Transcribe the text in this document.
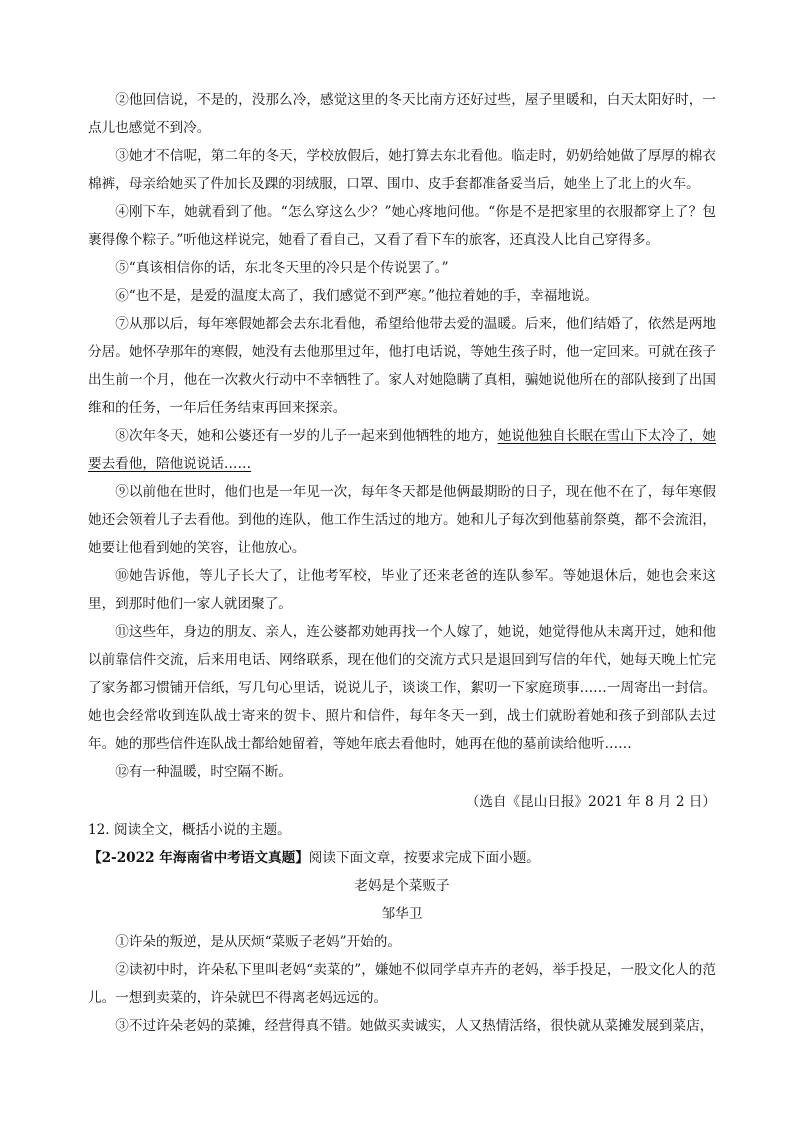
②他回信说，不是的，没那么冷，感觉这里的冬天比南方还好过些，屋子里暖和，白天太阳好时，一点儿也感觉不到冷。

③她才不信呢，第二年的冬天，学校放假后，她打算去东北看他。临走时，奶奶给她做了厚厚的棉衣棉裤，母亲给她买了件加长及踝的羽绒服，口罩、围巾、皮手套都准备妥当后，她坐上了北上的火车。

④刚下车，她就看到了他。“怎么穿这么少？”她心疼地问他。“你是不是把家里的衣服都穿上了？包裹得像个粽子。”听他这样说完，她看了看自己，又看了看下车的旅客，还真没人比自己穿得多。

⑤“真该相信你的话，东北冬天里的冷只是个传说罢了。”

⑥“也不是，是爱的温度太高了，我们感觉不到严寒。”他拉着她的手，幸福地说。

⑦从那以后，每年寒假她都会去东北看他，希望给他带去爱的温暖。后来，他们结婚了，依然是两地分居。她怀孕那年的寒假，她没有去他那里过年，他打电话说，等她生孩子时，他一定回来。可就在孩子出生前一个月，他在一次救火行动中不幸牺牲了。家人对她隐瞒了真相，骗她说他所在的部队接到了出国维和的任务，一年后任务结束再回来探亲。

⑧次年冬天，她和公婆还有一岁的儿子一起来到他牺牲的地方，她说他独自长眠在雪山下太冷了，她要去看他，陪他说说话……

⑨以前他在世时，他们也是一年见一次，每年冬天都是他俩最期盼的日子，现在他不在了，每年寒假她还会领着儿子去看他。到他的连队，他工作生活过的地方。她和儿子每次到他墓前祭奠，都不会流泪，她要让他看到她的笑容，让他放心。

⑩她告诉他，等儿子长大了，让他考军校，毕业了还来老爸的连队参军。等她退休后，她也会来这里，到那时他们一家人就团聚了。

⑪这些年，身边的朋友、亲人，连公婆都劝她再找一个人嫁了，她说，她觉得他从未离开过，她和他以前靠信件交流，后来用电话、网络联系，现在他们的交流方式只是退回到写信的年代，她每天晚上忙完了家务都习惯铺开信纸，写几句心里话，说说儿子，谈谈工作，絮叨一下家庭琐事……一周寄出一封信。她也会经常收到连队战士寄来的贺卡、照片和信件，每年冬天一到，战士们就盼着她和孩子到部队去过年。她的那些信件连队战士都给她留着，等她年底去看他时，她再在他的墓前读给他听……

⑫有一种温暖，时空隔不断。

（选自《昆山日报》2021 年 8 月 2 日）

12. 阅读全文，概括小说的主题。

【2-2022 年海南省中考语文真题】阅读下面文章，按要求完成下面小题。

老妈是个菜贩子

邹华卫

①许朵的叛逆，是从厌烦“菜贩子老妈”开始的。

②读初中时，许朵私下里叫老妈“卖菜的”，嫌她不似同学卓卉卉的老妈，举手投足，一股文化人的范儿。一想到卖菜的，许朵就巴不得离老妈远远的。

③不过许朵老妈的菜摊，经营得真不错。她做买卖诚实，人又热情活络，很快就从菜摊发展到菜店，
